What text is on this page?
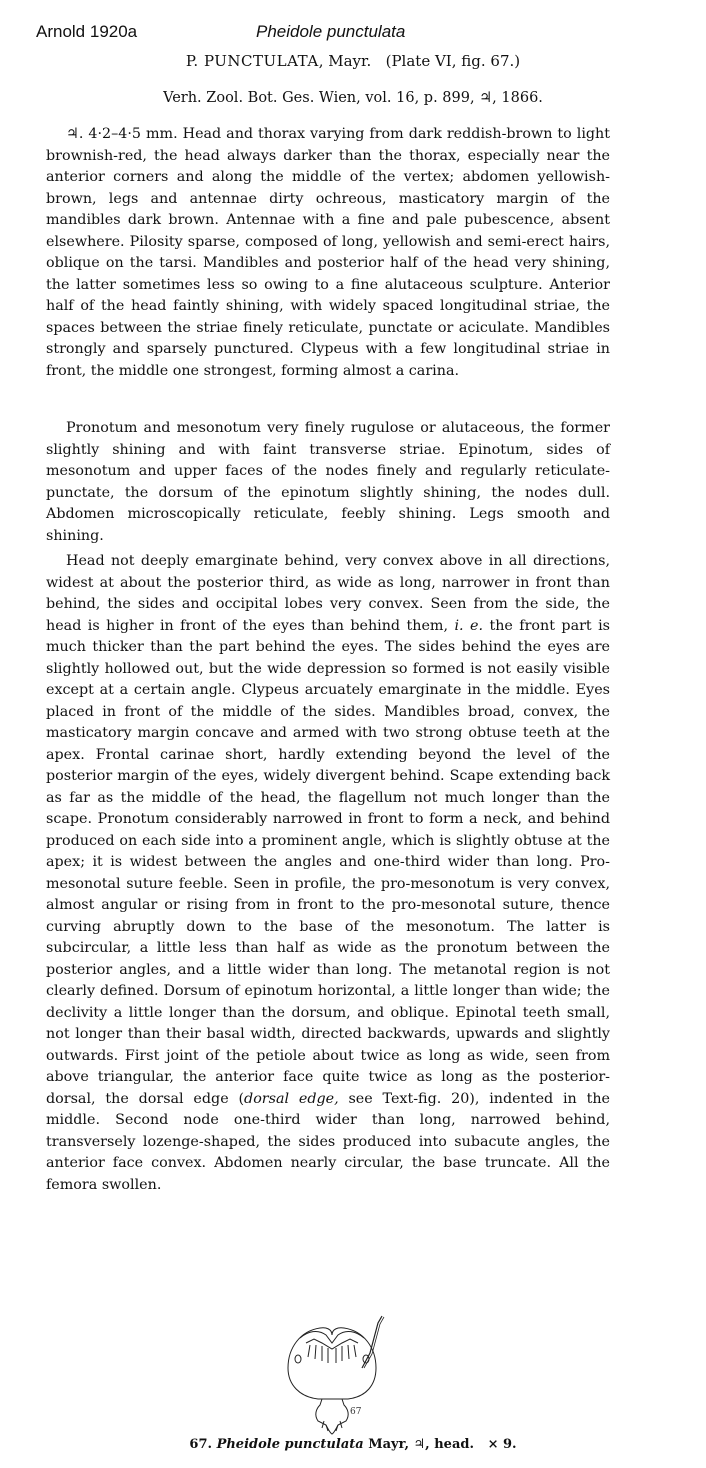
Arnold 1920a	Pheidole punctulata
P. PUNCTULATA, Mayr. (Plate VI, fig. 67.)
Verh. Zool. Bot. Ges. Wien, vol. 16, p. 899, ♃, 1866.

♃. 4·2–4·5 mm. Head and thorax varying from dark reddish-brown to light brownish-red, the head always darker than the thorax, especially near the anterior corners and along the middle of the vertex; abdomen yellowish-brown, legs and antennae dirty ochreous, masticatory margin of the mandibles dark brown. Antennae with a fine and pale pubescence, absent elsewhere. Pilosity sparse, composed of long, yellowish and semi-erect hairs, oblique on the tarsi. Mandibles and posterior half of the head very shining, the latter sometimes less so owing to a fine alutaceous sculpture. Anterior half of the head faintly shining, with widely spaced longitudinal striae, the spaces between the striae finely reticulate, punctate or aciculate. Mandibles strongly and sparsely punctured. Clypeus with a few longitudinal striae in front, the middle one strongest, forming almost a carina.

Pronotum and mesonotum very finely rugulose or alutaceous, the former slightly shining and with faint transverse striae. Epinotum, sides of mesonotum and upper faces of the nodes finely and regularly reticulate-punctate, the dorsum of the epinotum slightly shining, the nodes dull. Abdomen microscopically reticulate, feebly shining. Legs smooth and shining.

Head not deeply emarginate behind, very convex above in all directions, widest at about the posterior third, as wide as long, narrower in front than behind, the sides and occipital lobes very convex. Seen from the side, the head is higher in front of the eyes than behind them, i. e. the front part is much thicker than the part behind the eyes. The sides behind the eyes are slightly hollowed out, but the wide depression so formed is not easily visible except at a certain angle. Clypeus arcuately emarginate in the middle. Eyes placed in front of the middle of the sides. Mandibles broad, convex, the masticatory margin concave and armed with two strong obtuse teeth at the apex. Frontal carinae short, hardly extending beyond the level of the posterior margin of the eyes, widely divergent behind. Scape extending back as far as the middle of the head, the flagellum not much longer than the scape. Pronotum considerably narrowed in front to form a neck, and behind produced on each side into a prominent angle, which is slightly obtuse at the apex; it is widest between the angles and one-third wider than long. Pro-mesonotal suture feeble. Seen in profile, the pro-mesonotum is very convex, almost angular or rising from in front to the pro-mesonotal suture, thence curving abruptly down to the base of the mesonotum. The latter is subcircular, a little less than half as wide as the pronotum between the posterior angles, and a little wider than long. The metanotal region is not clearly defined. Dorsum of epinotum horizontal, a little longer than wide; the declivity a little longer than the dorsum, and oblique. Epinotal teeth small, not longer than their basal width, directed backwards, upwards and slightly outwards. First joint of the petiole about twice as long as wide, seen from above triangular, the anterior face quite twice as long as the posterior-dorsal, the dorsal edge (dorsal edge, see Text-fig. 20), indented in the middle. Second node one-third wider than long, narrowed behind, transversely lozenge-shaped, the sides produced into subacute angles, the anterior face convex. Abdomen nearly circular, the base truncate. All the femora swollen.

67
67. Pheidole punctulata Mayr, ♃, head. × 9.
